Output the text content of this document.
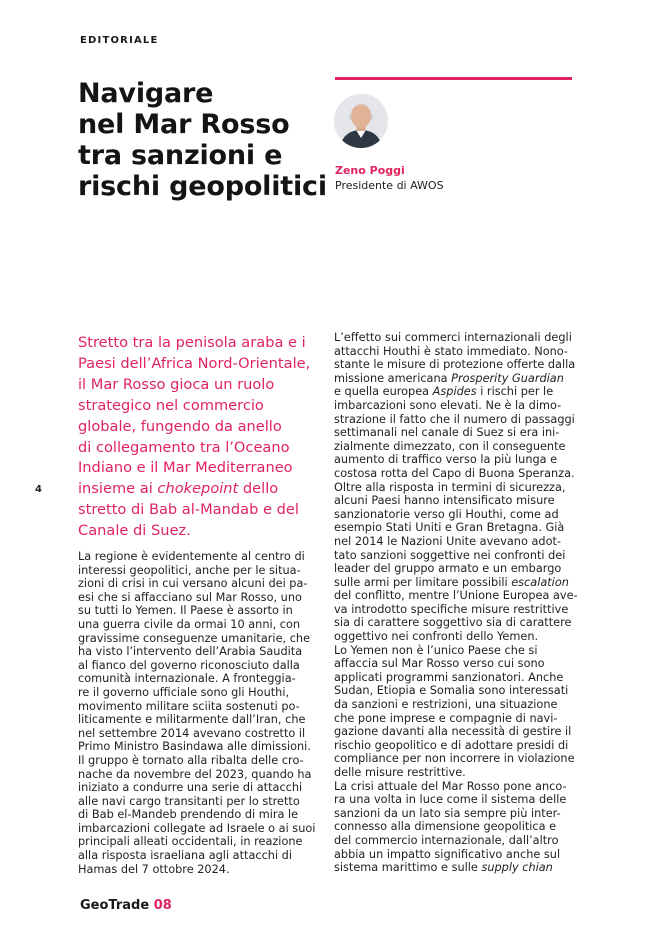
EDITORIALE
Navigare
nel Mar Rosso
tra sanzioni e
rischi geopolitici
Zeno Poggi
Presidente di AWOS

Stretto tra la penisola araba e i
Paesi dell’Africa Nord-Orientale,
il Mar Rosso gioca un ruolo
strategico nel commercio
globale, fungendo da anello
di collegamento tra l’Oceano
Indiano e il Mar Mediterraneo
insieme ai chokepoint dello
stretto di Bab al-Mandab e del
Canale di Suez.

4
La regione è evidentemente al centro di
interessi geopolitici, anche per le situa-
zioni di crisi in cui versano alcuni dei pa-
esi che si affacciano sul Mar Rosso, uno
su tutti lo Yemen. Il Paese è assorto in
una guerra civile da ormai 10 anni, con
gravissime conseguenze umanitarie, che
ha visto l’intervento dell’Arabia Saudita
al fianco del governo riconosciuto dalla
comunità internazionale. A fronteggia-
re il governo ufficiale sono gli Houthi,
movimento militare sciita sostenuti po-
liticamente e militarmente dall’Iran, che
nel settembre 2014 avevano costretto il
Primo Ministro Basindawa alle dimissioni.
Il gruppo è tornato alla ribalta delle cro-
nache da novembre del 2023, quando ha
iniziato a condurre una serie di attacchi
alle navi cargo transitanti per lo stretto
di Bab el-Mandeb prendendo di mira le
imbarcazioni collegate ad Israele o ai suoi
principali alleati occidentali, in reazione
alla risposta israeliana agli attacchi di
Hamas del 7 ottobre 2024.
L’effetto sui commerci internazionali degli
attacchi Houthi è stato immediato. Nono-
stante le misure di protezione offerte dalla
missione americana Prosperity Guardian
e quella europea Aspides i rischi per le
imbarcazioni sono elevati. Ne è la dimo-
strazione il fatto che il numero di passaggi
settimanali nel canale di Suez si era ini-
zialmente dimezzato, con il conseguente
aumento di traffico verso la più lunga e
costosa rotta del Capo di Buona Speranza.
Oltre alla risposta in termini di sicurezza,
alcuni Paesi hanno intensificato misure
sanzionatorie verso gli Houthi, come ad
esempio Stati Uniti e Gran Bretagna. Già
nel 2014 le Nazioni Unite avevano adot-
tato sanzioni soggettive nei confronti dei
leader del gruppo armato e un embargo
sulle armi per limitare possibili escalation
del conflitto, mentre l’Unione Europea ave-
va introdotto specifiche misure restrittive
sia di carattere soggettivo sia di carattere
oggettivo nei confronti dello Yemen.
Lo Yemen non è l’unico Paese che si
affaccia sul Mar Rosso verso cui sono
applicati programmi sanzionatori. Anche
Sudan, Etiopia e Somalia sono interessati
da sanzioni e restrizioni, una situazione
che pone imprese e compagnie di navi-
gazione davanti alla necessità di gestire il
rischio geopolitico e di adottare presidi di
compliance per non incorrere in violazione
delle misure restrittive.
La crisi attuale del Mar Rosso pone anco-
ra una volta in luce come il sistema delle
sanzioni da un lato sia sempre più inter-
connesso alla dimensione geopolitica e
del commercio internazionale, dall’altro
abbia un impatto significativo anche sul
sistema marittimo e sulle supply chian
GeoTrade 08
